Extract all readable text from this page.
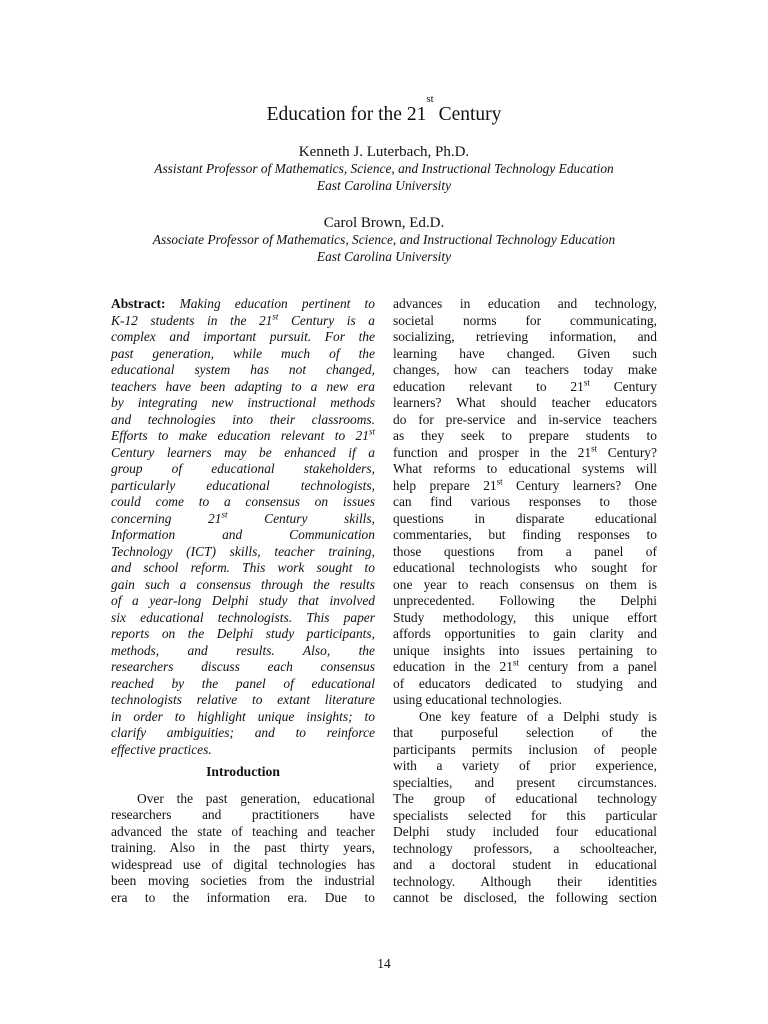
Education for the 21st Century
Kenneth J. Luterbach, Ph.D.
Assistant Professor of Mathematics, Science, and Instructional Technology Education
East Carolina University
Carol Brown, Ed.D.
Associate Professor of Mathematics, Science, and Instructional Technology Education
East Carolina University
Abstract: Making education pertinent to
K-12 students in the 21st Century is a
complex and important pursuit. For the
past generation, while much of the
educational system has not changed,
teachers have been adapting to a new era
by integrating new instructional methods
and technologies into their classrooms.
Efforts to make education relevant to 21st
Century learners may be enhanced if a
group of educational stakeholders,
particularly educational technologists,
could come to a consensus on issues
concerning 21st Century skills,
Information and Communication
Technology (ICT) skills, teacher training,
and school reform. This work sought to
gain such a consensus through the results
of a year-long Delphi study that involved
six educational technologists. This paper
reports on the Delphi study participants,
methods, and results. Also, the
researchers discuss each consensus
reached by the panel of educational
technologists relative to extant literature
in order to highlight unique insights; to
clarify ambiguities; and to reinforce
effective practices.
Introduction
Over the past generation, educational
researchers and practitioners have
advanced the state of teaching and teacher
training. Also in the past thirty years,
widespread use of digital technologies has
been moving societies from the industrial
era to the information era. Due to
advances in education and technology,
societal norms for communicating,
socializing, retrieving information, and
learning have changed. Given such
changes, how can teachers today make
education relevant to 21st Century
learners? What should teacher educators
do for pre-service and in-service teachers
as they seek to prepare students to
function and prosper in the 21st Century?
What reforms to educational systems will
help prepare 21st Century learners? One
can find various responses to those
questions in disparate educational
commentaries, but finding responses to
those questions from a panel of
educational technologists who sought for
one year to reach consensus on them is
unprecedented. Following the Delphi
Study methodology, this unique effort
affords opportunities to gain clarity and
unique insights into issues pertaining to
education in the 21st century from a panel
of educators dedicated to studying and
using educational technologies.
One key feature of a Delphi study is
that purposeful selection of the
participants permits inclusion of people
with a variety of prior experience,
specialties, and present circumstances.
The group of educational technology
specialists selected for this particular
Delphi study included four educational
technology professors, a schoolteacher,
and a doctoral student in educational
technology. Although their identities
cannot be disclosed, the following section
14
